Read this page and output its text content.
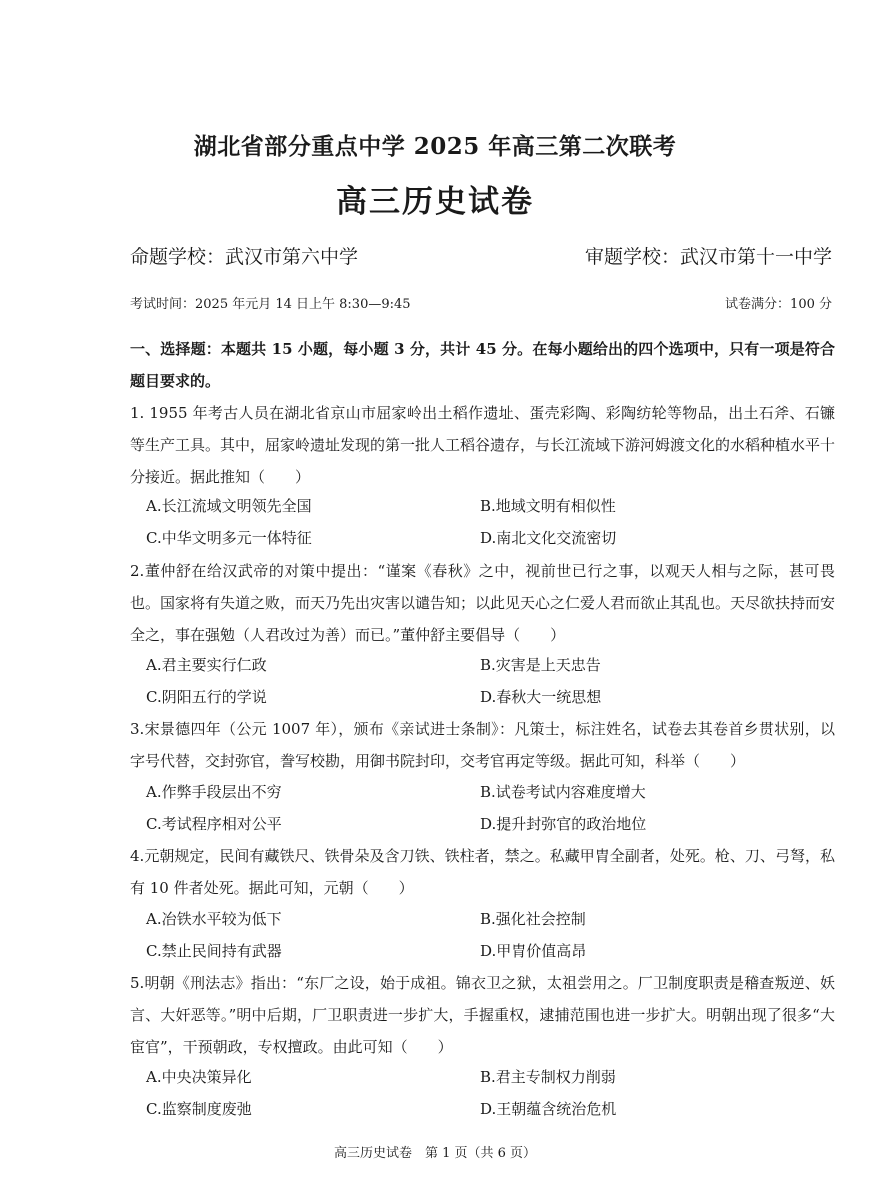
湖北省部分重点中学 2025 年高三第二次联考
高三历史试卷
命题学校：武汉市第六中学	审题学校：武汉市第十一中学
考试时间：2025 年元月 14 日上午 8:30—9:45	试卷满分：100 分
一、选择题：本题共 15 小题，每小题 3 分，共计 45 分。在每小题给出的四个选项中，只有一项是符合题目要求的。
1. 1955 年考古人员在湖北省京山市屈家岭出土稻作遗址、蛋壳彩陶、彩陶纺轮等物品，出土石斧、石镰等生产工具。其中，屈家岭遗址发现的第一批人工稻谷遗存，与长江流域下游河姆渡文化的水稻种植水平十分接近。据此推知（　　）
A.长江流域文明领先全国	B.地域文明有相似性
C.中华文明多元一体特征	D.南北文化交流密切
2.董仲舒在给汉武帝的对策中提出：“谨案《春秋》之中，视前世已行之事，以观天人相与之际，甚可畏也。国家将有失道之败，而天乃先出灾害以谴告知；以此见天心之仁爱人君而欲止其乱也。天尽欲扶持而安全之，事在强勉（人君改过为善）而已。”董仲舒主要倡导（　　）
A.君主要实行仁政	B.灾害是上天忠告
C.阴阳五行的学说	D.春秋大一统思想
3.宋景德四年（公元 1007 年），颁布《亲试进士条制》：凡策士，标注姓名，试卷去其卷首乡贯状别，以字号代替，交封弥官，誊写校勘，用御书院封印，交考官再定等级。据此可知，科举（　　）
A.作弊手段层出不穷	B.试卷考试内容难度增大
C.考试程序相对公平	D.提升封弥官的政治地位
4.元朝规定，民间有藏铁尺、铁骨朵及含刀铁、铁柱者，禁之。私藏甲胄全副者，处死。枪、刀、弓弩，私有 10 件者处死。据此可知，元朝（　　）
A.冶铁水平较为低下	B.强化社会控制
C.禁止民间持有武器	D.甲胄价值高昂
5.明朝《刑法志》指出：“东厂之设，始于成祖。锦衣卫之狱，太祖尝用之。厂卫制度职责是稽查叛逆、妖言、大奸恶等。”明中后期，厂卫职责进一步扩大，手握重权，逮捕范围也进一步扩大。明朝出现了很多“大宦官”，干预朝政，专权擅政。由此可知（　　）
A.中央决策异化	B.君主专制权力削弱
C.监察制度废弛	D.王朝蕴含统治危机
高三历史试卷　第 1 页（共 6 页）
